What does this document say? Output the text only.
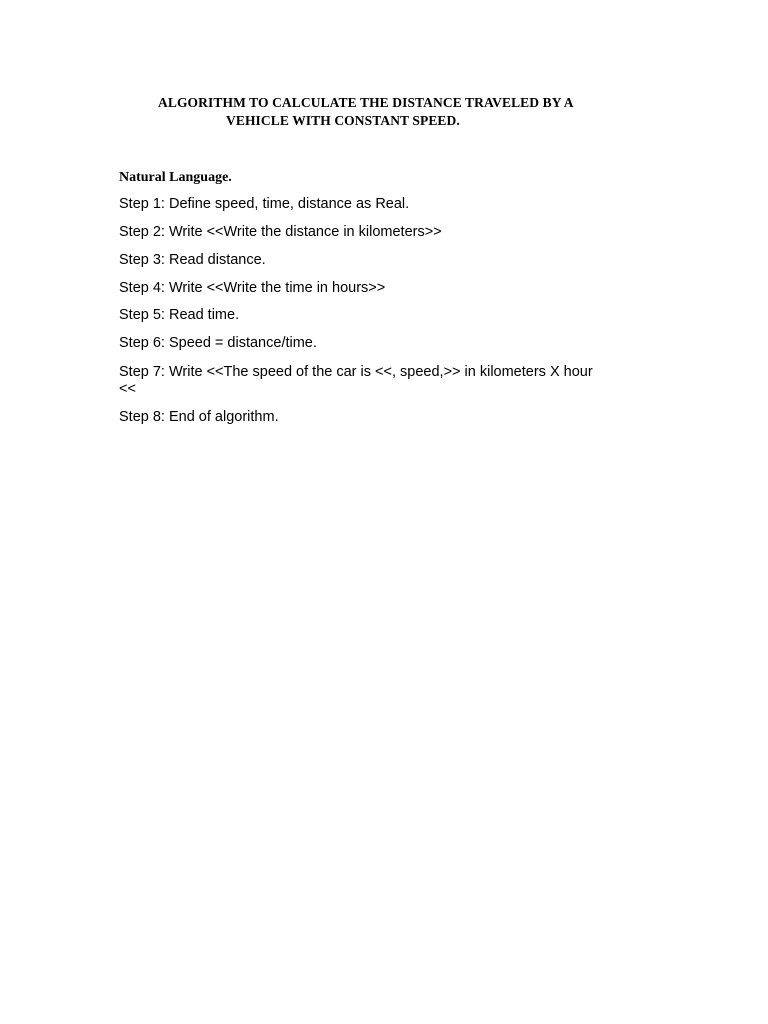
ALGORITHM TO CALCULATE THE DISTANCE TRAVELED BY A
VEHICLE WITH CONSTANT SPEED.
Natural Language.
Step 1: Define speed, time, distance as Real.
Step 2: Write <<Write the distance in kilometers>>
Step 3: Read distance.
Step 4: Write <<Write the time in hours>>
Step 5: Read time.
Step 6: Speed = distance/time.
Step 7: Write <<The speed of the car is <<, speed,>> in kilometers X hour <<
Step 8: End of algorithm.
